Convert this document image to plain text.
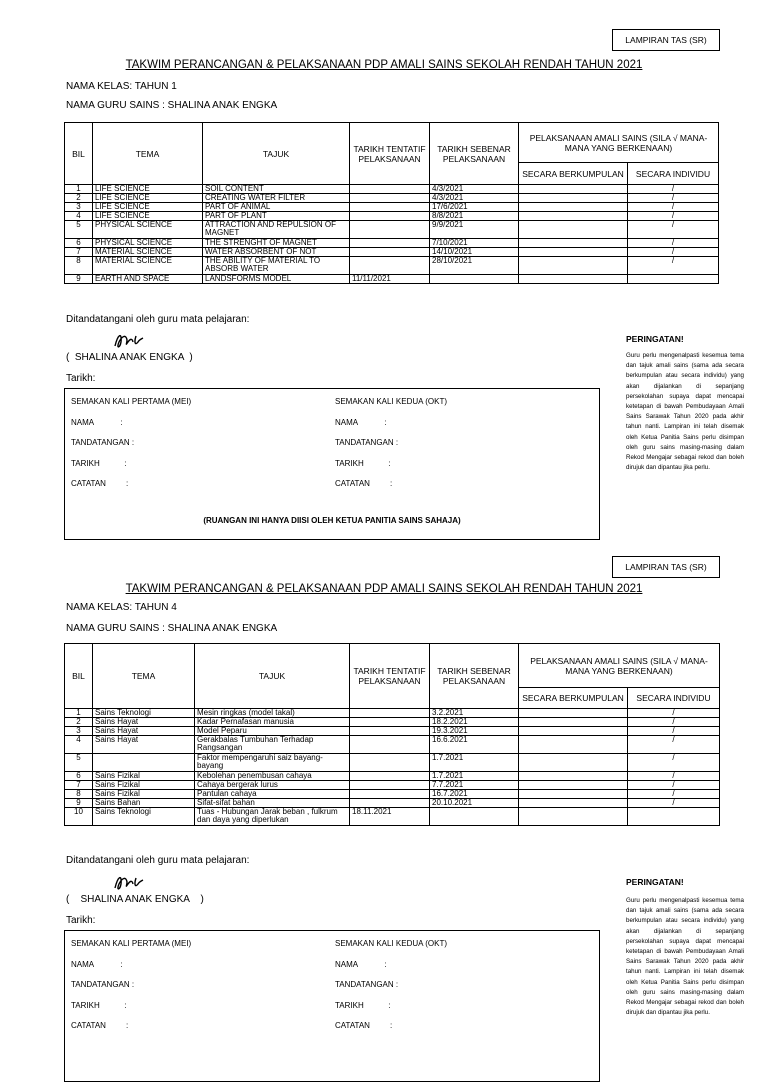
LAMPIRAN TAS (SR)
TAKWIM PERANCANGAN & PELAKSANAAN PDP AMALI SAINS SEKOLAH RENDAH TAHUN 2021
NAMA KELAS: TAHUN 1
NAMA GURU SAINS : SHALINA ANAK ENGKA
BIL	TEMA	TAJUK	TARIKH TENTATIF PELAKSANAAN	TARIKH SEBENAR PELAKSANAAN	PELAKSANAAN AMALI SAINS (SILA √ MANA-MANA YANG BERKENAAN)	
					SECARA BERKUMPULAN	SECARA INDIVIDU
1	LIFE SCIENCE	SOIL CONTENT		4/3/2021		/
2	LIFE SCIENCE	CREATING WATER FILTER		4/3/2021		/
3	LIFE SCIENCE	PART OF ANIMAL		17/6/2021		/
4	LIFE SCIENCE	PART OF PLANT		8/8/2021		/
5	PHYSICAL SCIENCE	ATTRACTION AND REPULSION OF MAGNET		9/9/2021		/
6	PHYSICAL SCIENCE	THE STRENGHT OF MAGNET		7/10/2021		/
7	MATERIAL SCIENCE	WATER ABSORBENT OF NOT		14/10/2021		/
8	MATERIAL SCIENCE	THE ABILITY OF MATERIAL TO ABSORB WATER		28/10/2021		/
9	EARTH AND SPACE	LANDSFORMS MODEL	11/11/2021			
Ditandatangani oleh guru mata pelajaran:
(  SHALINA ANAK ENGKA  )
Tarikh:
SEMAKAN KALI PERTAMA (MEI)
NAMA            :
TANDATANGAN :
TARIKH           :
CATATAN         :
SEMAKAN KALI KEDUA (OKT)
NAMA            :
TANDATANGAN :
TARIKH           :
CATATAN         :
(RUANGAN INI HANYA DIISI OLEH KETUA PANITIA SAINS SAHAJA)
PERINGATAN!
Guru perlu mengenalpasti kesemua tema dan tajuk amali sains (sama ada secara berkumpulan atau secara individu) yang akan dijalankan di sepanjang persekolahan supaya dapat mencapai ketetapan di bawah Pembudayaan Amali Sains Sarawak Tahun 2020 pada akhir tahun nanti. Lampiran ini telah disemak oleh Ketua Panitia Sains perlu disimpan oleh guru sains masing-masing dalam Rekod Mengajar sebagai rekod dan boleh dirujuk dan dipantau jika perlu.
LAMPIRAN TAS (SR)
TAKWIM PERANCANGAN & PELAKSANAAN PDP AMALI SAINS SEKOLAH RENDAH TAHUN 2021
NAMA KELAS: TAHUN 4
NAMA GURU SAINS : SHALINA ANAK ENGKA
BIL	TEMA	TAJUK	TARIKH TENTATIF PELAKSANAAN	TARIKH SEBENAR PELAKSANAAN	PELAKSANAAN AMALI SAINS (SILA √ MANA-MANA YANG BERKENAAN)	
					SECARA BERKUMPULAN	SECARA INDIVIDU
1	Sains Teknologi	Mesin ringkas (model takal)		3.2.2021		/
2	Sains Hayat	Kadar Pernafasan manusia		18.2.2021		/
3	Sains Hayat	Model Peparu		19.3.2021		/
4	Sains Hayat	Gerakbalas Tumbuhan Terhadap Rangsangan		16.6.2021		/
5		Faktor mempengaruhi saiz bayang-bayang		1.7.2021		/
6	Sains Fizikal	Kebolehan penembusan cahaya		1.7.2021		/
7	Sains Fizikal	Cahaya bergerak lurus		7.7.2021		/
8	Sains Fizikal	Pantulan cahaya		16.7.2021		/
9	Sains Bahan	Sifat-sifat bahan		20.10.2021		/
10	Sains Teknologi	Tuas - Hubungan Jarak beban , fulkrum dan daya yang diperlukan	18.11.2021			
Ditandatangani oleh guru mata pelajaran:
(    SHALINA ANAK ENGKA    )
Tarikh:
SEMAKAN KALI PERTAMA (MEI)
NAMA            :
TANDATANGAN :
TARIKH           :
CATATAN         :
SEMAKAN KALI KEDUA (OKT)
NAMA            :
TANDATANGAN :
TARIKH           :
CATATAN         :
PERINGATAN!
Guru perlu mengenalpasti kesemua tema dan tajuk amali sains (sama ada secara berkumpulan atau secara individu) yang akan dijalankan di sepanjang persekolahan supaya dapat mencapai ketetapan di bawah Pembudayaan Amali Sains Sarawak Tahun 2020 pada akhir tahun nanti. Lampiran ini telah disemak oleh Ketua Panitia Sains perlu disimpan oleh guru sains masing-masing dalam Rekod Mengajar sebagai rekod dan boleh dirujuk dan dipantau jika perlu.
